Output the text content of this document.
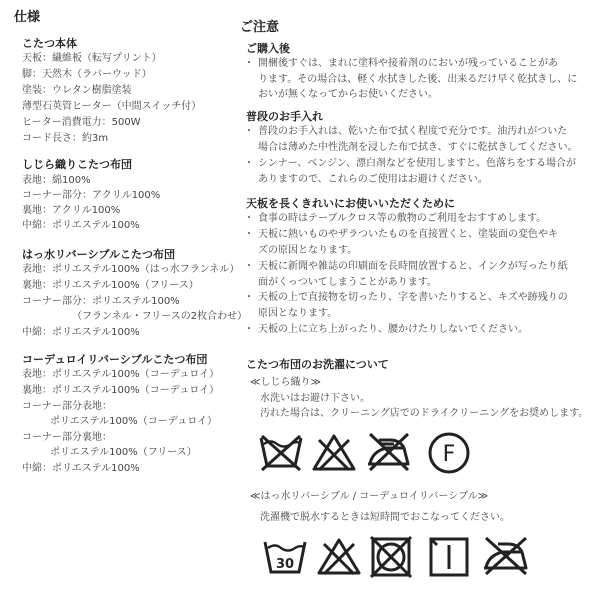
仕様
こたつ本体
天板：繊維板（転写プリント）
脚：天然木（ラバーウッド）
塗装：ウレタン樹脂塗装
薄型石英管ヒーター（中間スイッチ付）
ヒーター消費電力：500W
コード長さ：約3m
しじら織りこたつ布団
表地：綿100%
コーナー部分：アクリル100%
裏地：アクリル100%
中綿：ポリエステル100%
はっ水リバーシブルこたつ布団
表地：ポリエステル100%（はっ水フランネル）
裏地：ポリエステル100%（フリース）
コーナー部分：ポリエステル100%
（フランネル・フリースの2枚合わせ）
中綿：ポリエステル100%
コーデュロイリバーシブルこたつ布団
表地：ポリエステル100%（コーデュロイ）
裏地：ポリエステル100%（コーデュロイ）
コーナー部分表地：
ポリエステル100%（コーデュロイ）
コーナー部分裏地：
ポリエステル100%（フリース）
中綿：ポリエステル100%
ご注意
ご購入後
・ 開梱後すぐは、まれに塗料や接着剤のにおいが残っていることがあ
ります。その場合は、軽く水拭きした後、出来るだけ早く乾拭きし、に
おいが無くなってからお使いください。
普段のお手入れ
・ 普段のお手入れは、乾いた布で拭く程度で充分です。油汚れがついた
場合は薄めた中性洗剤を浸した布で拭き、すぐに乾拭きしてください。
・ シンナー、ベンジン、漂白剤などを使用しますと、色落ちをする場合が
ありますので、これらのご使用はお避けください。
天板を長くきれいにお使いいただくために
・ 食事の時はテーブルクロス等の敷物のご利用をおすすめします。
・ 天板に熱いものやザラついたものを直接置くと、塗装面の変色やキ
ズの原因となります。
・ 天板に新聞や雑誌の印刷面を長時間放置すると、インクが写ったり紙
面がくっついてしまうことがあります。
・ 天板の上で直接物を切ったり、字を書いたりすると、キズや跡残りの
原因となります。
・ 天板の上に立ち上がったり、腰かけたりしないでください。
こたつ布団のお洗濯について
≪しじら織り≫
水洗いはお避け下さい。
汚れた場合は、クリーニング店でのドライクリーニングをお奨めします。
≪はっ水リバーシブル / コーデュロイリバーシブル≫
洗濯機で脱水するときは短時間でおこなってください。
F
30
